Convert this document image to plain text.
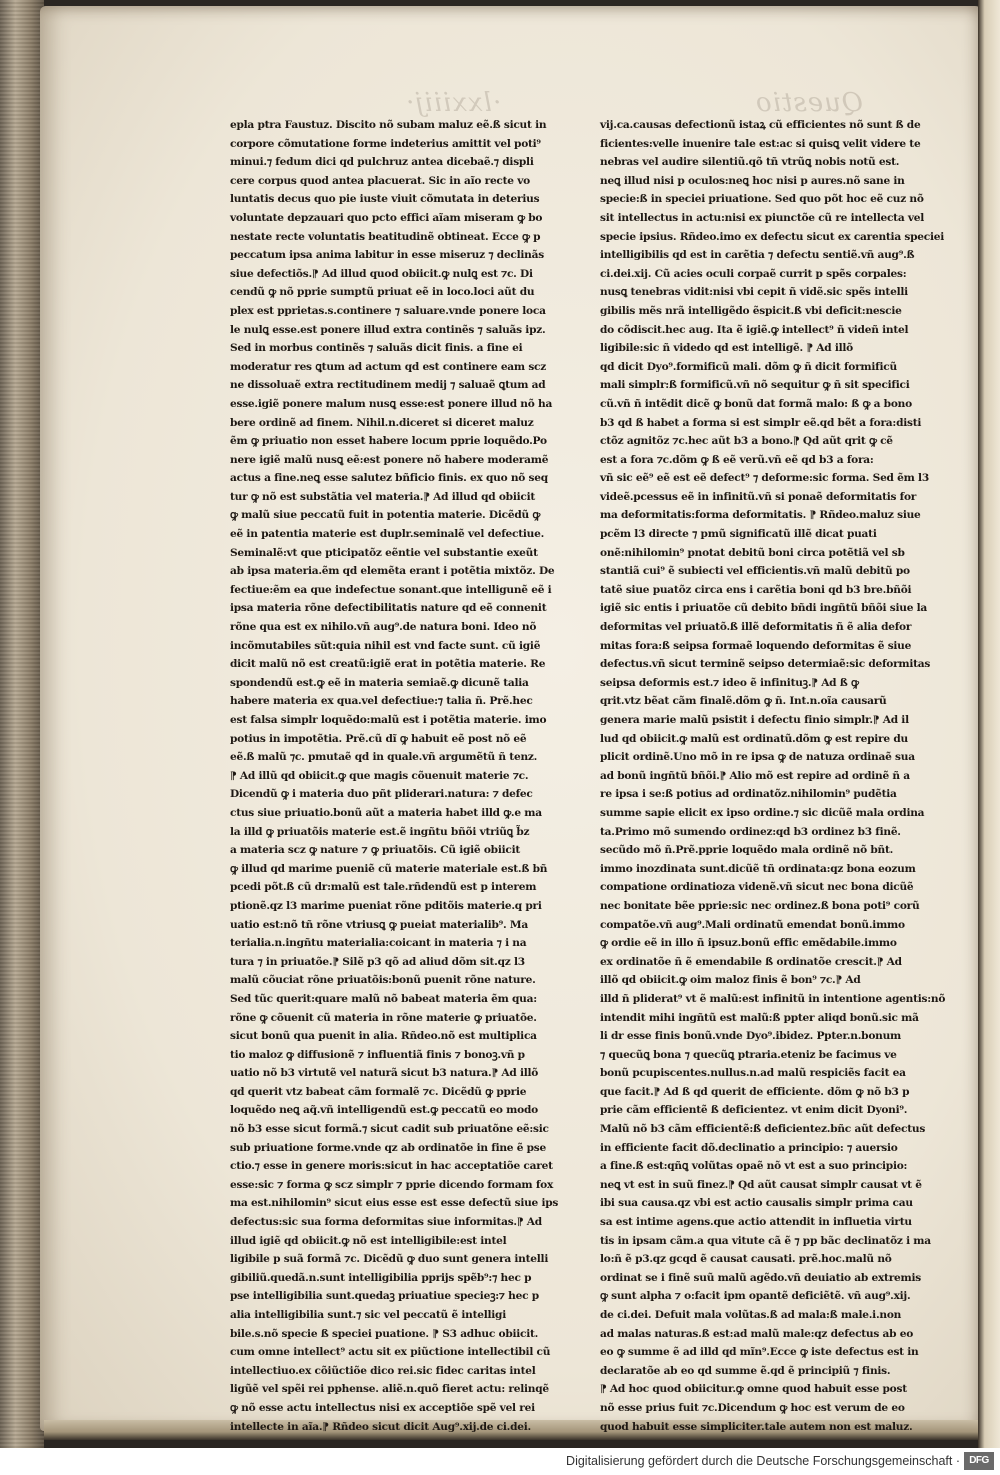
·lxxiiij·	Questio
epla ptra Faustuz. Discito nõ subam maluz eẽ.ß sicut in
corpore cõmutatione forme indeterius amittit vel poti⁹
minui.⁊ fedum dici qd pulchruz antea dicebaẽ.⁊ displi
cere corpus quod antea placuerat. Sic in aĩo recte vo
luntatis decus quo pie iuste viuit cõmutata in deterius
voluntate depzauari quo pcto effici aĩam miseram ꝙ bo
nestate recte voluntatis beatitudinẽ obtineat. Ecce ꝙ p
peccatum ipsa anima labitur in esse miseruz ⁊ declinãs
siue defectiõs.⁋ Ad illud quod obiicit.ꝙ nulꝗ est ⁊c. Di
cendũ ꝙ nõ pprie sumptũ priuat eẽ in loco.loci aũt du
plex est pprietas.s.continere ⁊ saluare.vnde ponere loca
le nulꝗ esse.est ponere illud extra continẽs ⁊ saluãs ipz.
Sed in morbus continẽs ⁊ saluãs dicit finis. a fine ei
moderatur res ꝗtum ad actum qd est continere eam scz
ne dissoluaẽ extra rectitudinem medij ⁊ saluaẽ ꝗtum ad
esse.igiẽ ponere malum nusꝗ esse:est ponere illud nõ ha
bere ordinẽ ad finem. Nihil.n.diceret si diceret maluz
ẽm ꝙ priuatio non esset habere locum pprie loquẽdo.Po
nere igiẽ malũ nusꝗ eẽ:est ponere nõ habere moderamẽ
actus a fine.neꝗ esse salutez bñficio finis. ex quo nõ seq
tur ꝙ nõ est substãtia vel materia.⁋ Ad illud qd obiicit
ꝙ malũ siue peccatũ fuit in potentia materie. Dicẽdũ ꝙ
eẽ in patentia materie est duplr.seminalẽ vel defectiue.
Seminalẽ:vt que pticipatõz eẽntie vel substantie exeũt
ab ipsa materia.ẽm qd elemẽta erant i potẽtia mixtõz. De
fectiue:ẽm ea que indefectue sonant.que intelligunẽ eẽ i
ipsa materia rõne defectibilitatis nature qd eẽ connenit
rõne qua est ex nihilo.vñ aug⁹.de natura boni. Ideo nõ
incõmutabiles sũt:quia nihil est vnd facte sunt. cũ igiẽ
dicit malũ nõ est creatũ:igiẽ erat in potẽtia materie. Re
spondendũ est.ꝙ eẽ in materia semiaẽ.ꝙ dicunẽ talia
habere materia ex qua.vel defectiue:⁊ talia ñ. Prẽ.hec
est falsa simplr loquẽdo:malũ est i potẽtia materie. imo
potius in impotẽtia. Prẽ.cũ dĩ ꝙ habuit eẽ post nõ eẽ
eẽ.ß malũ ⁊c. pmutaẽ qd in quale.vñ argumẽtũ ñ tenz.
⁋ Ad illũ qd obiicit.ꝙ que magis cõuenuit materie ⁊c.
Dicendũ ꝙ i materia duo pñt pliderari.natura: ⁊ defec
ctus siue priuatio.bonũ aũt a materia habet illd ꝙ.e ma
la illd ꝙ priuatõis materie est.ẽ ingñtu bñõi vtriũꝗ b̃z
a materia scz ꝙ nature ⁊ ꝙ priuatõis. Cũ igiẽ obiicit
ꝙ illud qd marime pueniẽ cũ materie materiale est.ß bñ
pcedi põt.ß cũ dr:malũ est tale.rñdendũ est p interem
ptionẽ.qz l3 marime pueniat rõne pditõis materie.q pri
uatio est:nõ tñ rõne vtriusꝗ ꝙ pueiat materialib⁹. Ma
terialia.n.ingñtu materialia:coicant in materia ⁊ i na
tura ⁊ in priuatõe.⁋ Silẽ p3 qõ ad aliud dõm sit.qz l3
malũ cõuciat rõne priuatõis:bonũ puenit rõne nature.
Sed tũc querit:quare malũ nõ babeat materia ẽm qua:
rõne ꝙ cõuenit cũ materia in rõne materie ꝙ priuatõe.
sicut bonũ qua puenit in alia. Rñdeo.nõ est multiplica
tio maloz ꝙ diffusionẽ ⁊ influentiã finis ⁊ bonoꝫ.vñ p
uatio nõ b3 virtutẽ vel naturã sicut b3 natura.⁋ Ad illõ
qd querit vtz babeat cãm formalẽ ⁊c. Dicẽdũ ꝙ pprie
loquẽdo neꝗ aq̃.vñ intelligendũ est.ꝙ peccatũ eo modo
nõ b3 esse sicut formã.⁊ sicut cadit sub priuatõne eẽ:sic
sub priuatione forme.vnde qz ab ordinatõe in fine ẽ pse
ctio.⁊ esse in genere moris:sicut in hac acceptatiõe caret
esse:sic ⁊ forma ꝙ scz simplr ⁊ pprie dicendo formam fox
ma est.nihilomin⁹ sicut eius esse est esse defectũ siue ips
defectus:sic sua forma deformitas siue informitas.⁋ Ad
illud igiẽ qd obiicit.ꝙ nõ est intelligibile:est intel
ligibile p suã formã ⁊c. Dicẽdũ ꝙ duo sunt genera intelli
gibiliũ.quedã.n.sunt intelligibilia pprijs spẽb⁹:⁊ hec p
pse intelligibilia sunt.quedaꝫ priuatiue specieꝫ:⁊ hec p
alia intelligibilia sunt.⁊ sic vel peccatũ ẽ intelligi
bile.s.nõ specie ß speciei puatione. ⁋ S3 adhuc obiicit.
cum omne intellect⁹ actu sit ex piũctione intellectibil cũ
intellectiuo.ex cõiũctiõe dico rei.sic fidec caritas intel
ligũẽ vel spẽi rei pphense. aliẽ.n.quõ fieret actu: relinqẽ
ꝙ nõ esse actu intellectus nisi ex acceptiõe spẽ vel rei
intellecte in aĩa.⁋ Rñdeo sicut dicit Aug⁹.xij.de ci.dei.
vij.ca.causas defectionũ istaꝝ cũ efficientes nõ sunt ß de
ficientes:velle inuenire tale est:ac si quisꝗ velit videre te
nebras vel audire silentiũ.qõ tñ vtrũꝗ nobis notũ est.
neꝗ illud nisi p oculos:neꝗ hoc nisi p aures.nõ sane in
specie:ß in speciei priuatione. Sed quo põt hoc eẽ cuz nõ
sit intellectus in actu:nisi ex piunctõe cũ re intellecta vel
specie ipsius. Rñdeo.imo ex defectu sicut ex carentia speciei
intelligibilis qd est in carẽtia ⁊ defectu sentiẽ.vñ aug⁹.ß
ci.dei.xij. Cũ acies oculi corpaẽ currit p spẽs corpales:
nusꝗ tenebras vidit:nisi vbi cepit ñ vidẽ.sic spẽs intelli
gibilis mẽs nrã intelligẽdo ẽspicit.ß vbi deficit:nescie
do cõdiscit.hec aug. Ita ẽ igiẽ.ꝙ intellect⁹ ñ videñ intel
ligibile:sic ñ videdo qd est intelligẽ. ⁋ Ad illõ
qd dicit Dyo⁹.formificũ mali. dõm ꝙ ñ dicit formificũ
mali simplr:ß formificũ.vñ nõ sequitur ꝙ ñ sit specifici
cũ.vñ ñ intẽdit dicẽ ꝙ bonũ dat formã malo: ß ꝙ a bono
b3 qd ß habet a forma si est simplr eẽ.qd bẽt a fora:disti
ctõz agnitõz ⁊c.hec aũt b3 a bono.⁋ Qd aũt qrit ꝙ cẽ
est a fora ⁊c.dõm ꝙ ß eẽ verũ.vñ eẽ qd b3 a fora:
vñ sic eẽ⁹ eẽ est eẽ defect⁹ ⁊ deforme:sic forma. Sed ẽm l3
videẽ.pcessus eẽ in infinitũ.vñ si ponaẽ deformitatis for
ma deformitatis:forma deformitatis. ⁋ Rñdeo.maluz siue
pcẽm l3 directe ⁊ pmũ significatũ illẽ dicat puati
onẽ:nihilomin⁹ pnotat debitũ boni circa potẽtiã vel sb
stantiã cui⁹ ẽ subiecti vel efficientis.vñ malũ debitũ po
tatẽ siue puatõz circa ens i carẽtia boni qd b3 bre.bñõi
igiẽ sic entis i priuatõe cũ debito bñdi ingñtũ bñõi siue la
deformitas vel priuatõ.ß illẽ deformitatis ñ ẽ alia defor
mitas fora:ß seipsa formaẽ loquendo deformitas ẽ siue
defectus.vñ sicut terminẽ seipso determiaẽ:sic deformitas
seipsa deformis est.⁊ ideo ẽ infinituꝫ.⁋ Ad ß ꝙ
qrit.vtz bẽat cãm finalẽ.dõm ꝙ ñ. Int.n.oĩa causarũ
genera marie malũ psistit i defectu finio simplr.⁋ Ad il
lud qd obiicit.ꝙ malũ est ordinatũ.dõm ꝙ est repire du
plicit ordinẽ.Uno mõ in re ipsa ꝙ de natuza ordinaẽ sua
ad bonũ ingñtũ bñõi.⁋ Alio mõ est repire ad ordinẽ ñ a
re ipsa i se:ß potius ad ordinatõz.nihilomin⁹ pudẽtia
summe sapie elicit ex ipso ordine.⁊ sic dicũẽ mala ordina
ta.Primo mõ sumendo ordinez:qd b3 ordinez b3 finẽ.
secũdo mõ ñ.Prẽ.pprie loquẽdo mala ordinẽ nõ bñt.
immo inozdinata sunt.dicũẽ tñ ordinata:qz bona eozum
compatione ordinatioza videnẽ.vñ sicut nec bona dicũẽ
nec bonitate bẽe pprie:sic nec ordinez.ß bona poti⁹ corũ
compatõe.vñ aug⁹.Mali ordinatũ emendat bonũ.immo
ꝙ ordie eẽ in illo ñ ipsuz.bonũ effic emẽdabile.immo
ex ordinatõe ñ ẽ emendabile ß ordinatõe crescit.⁋ Ad
illõ qd obiicit.ꝙ oim maloz finis ẽ bon⁹ ⁊c.⁋ Ad
illd ñ pliderat⁹ vt ẽ malũ:est infinitũ in intentione agentis:nõ
intendit mihi ingñtũ est malũ:ß ppter aliqd bonũ.sic mã
li dr esse finis bonũ.vnde Dyo⁹.ibidez. Ppter.n.bonum
⁊ quecũꝗ bona ⁊ quecũꝗ ptraria.eteniz be facimus ve
bonũ pcupiscentes.nullus.n.ad malũ respiciẽs facit ea
que facit.⁋ Ad ß qd querit de efficiente. dõm ꝙ nõ b3 p
prie cãm efficientẽ ß deficientez. vt enim dicit Dyoni⁹.
Malũ nõ b3 cãm efficientẽ:ß deficientez.bñc aũt defectus
in efficiente facit dõ.declinatio a principio: ⁊ auersio
a fine.ß est:qñꝗ volũtas opaẽ nõ vt est a suo principio:
neꝗ vt est in suũ finez.⁋ Qd aũt causat simplr causat vt ẽ
ibi sua causa.qz vbi est actio causalis simplr prima cau
sa est intime agens.que actio attendit in influetia virtu
tis in ipsam cãm.a qua vitute cã ẽ ⁊ pp bãc declinatõz i ma
lo:ñ ẽ p3.qz gcqd ẽ causat causati. prẽ.hoc.malũ nõ
ordinat se i finẽ suũ malũ agẽdo.vñ deuiatio ab extremis
ꝙ sunt alpha ⁊ o:facit ipm opantẽ deficiẽtẽ. vñ aug⁹.xij.
de ci.dei. Defuit mala volũtas.ß ad mala:ß male.i.non
ad malas naturas.ß est:ad malũ male:qz defectus ab eo
eo ꝙ summe ẽ ad illd qd mĩn⁹.Ecce ꝙ iste defectus est in
declaratõe ab eo qd summe ẽ.qd ẽ principiũ ⁊ finis.
⁋ Ad hoc quod obiicitur.ꝙ omne quod habuit esse post
nõ esse prius fuit ⁊c.Dicendum ꝙ hoc est verum de eo
quod habuit esse simpliciter.tale autem non est maluz.
Digitalisierung gefördert durch die Deutsche Forschungsgemeinschaft · DFG
